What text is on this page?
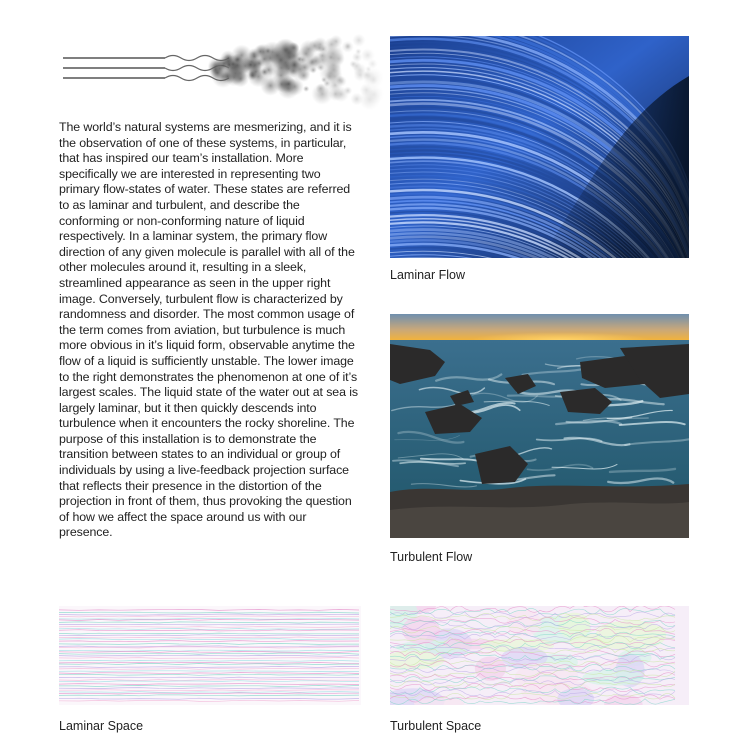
The world’s natural systems are mesmerizing, and it is the observation of one of these systems, in particular, that has inspired our team’s installation. More specifically we are interested in representing two primary flow-states of water. These states are referred to as laminar and turbulent, and describe the conforming or non-conforming nature of liquid respectively. In a laminar system, the primary flow direction of any given molecule is parallel with all of the other molecules around it, resulting in a sleek, streamlined appearance as seen in the upper right image. Conversely, turbulent flow is characterized by randomness and disorder. The most common usage of the term comes from aviation, but turbulence is much more obvious in it’s liquid form, observable anytime the flow of a liquid is sufficiently unstable. The lower image to the right demonstrates the phenomenon at one of it’s largest scales. The liquid state of the water out at sea is largely laminar, but it then quickly descends into turbulence when it encounters the rocky shoreline. The purpose of this installation is to demonstrate the transition between states to an individual or group of individuals by using a live-feedback projection surface that reflects their presence in the distortion of the projection in front of them, thus provoking the question of how we affect the space around us with our presence.

Laminar Flow
Turbulent Flow
Laminar Space	Turbulent Space
